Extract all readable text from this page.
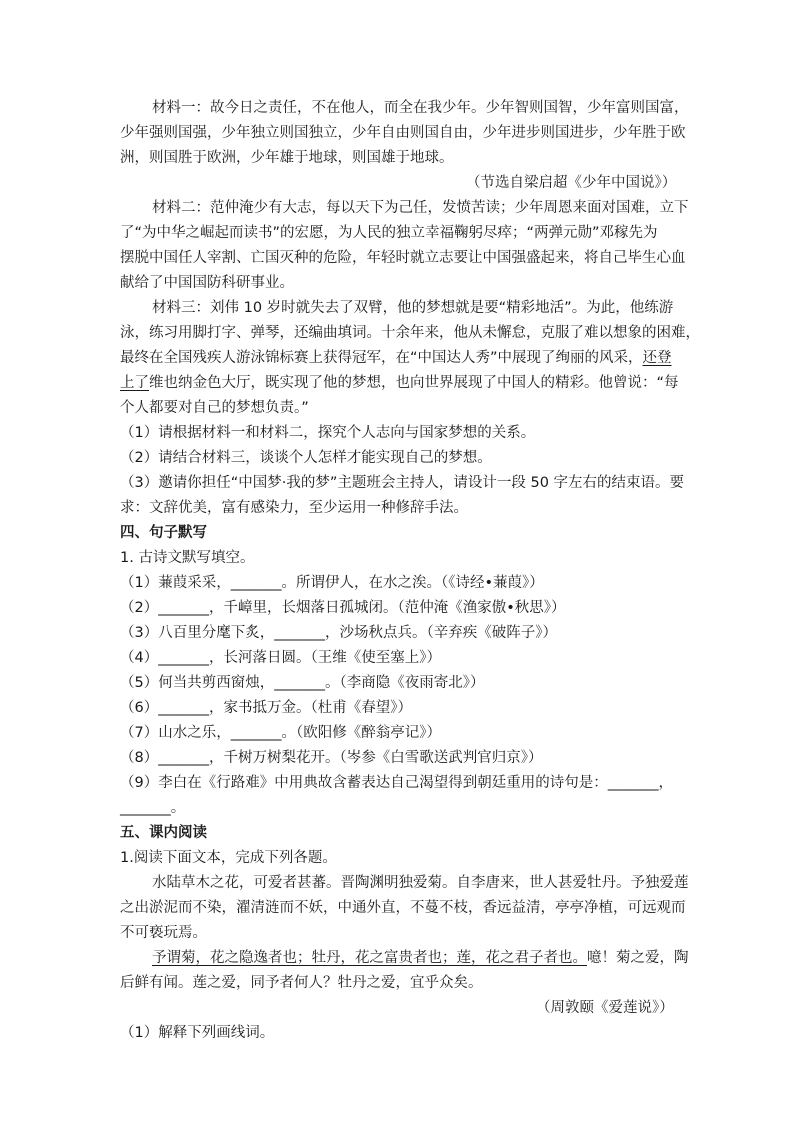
材料一：故今日之责任，不在他人，而全在我少年。少年智则国智，少年富则国富，
少年强则国强，少年独立则国独立，少年自由则国自由，少年进步则国进步，少年胜于欧
洲，则国胜于欧洲，少年雄于地球，则国雄于地球。
（节选自梁启超《少年中国说》）
材料二：范仲淹少有大志，每以天下为己任，发愤苦读；少年周恩来面对国难，立下
了“为中华之崛起而读书”的宏愿，为人民的独立幸福鞠躬尽瘁；“两弹元勋”邓稼先为
摆脱中国任人宰割、亡国灭种的危险，年轻时就立志要让中国强盛起来，将自己毕生心血
献给了中国国防科研事业。
材料三：刘伟 10 岁时就失去了双臂，他的梦想就是要“精彩地活”。为此，他练游
泳，练习用脚打字、弹琴，还编曲填词。十余年来，他从未懈怠，克服了难以想象的困难，
最终在全国残疾人游泳锦标赛上获得冠军，在“中国达人秀”中展现了绚丽的风采，还登
上了维也纳金色大厅，既实现了他的梦想，也向世界展现了中国人的精彩。他曾说：“每
个人都要对自己的梦想负责。”
（1）请根据材料一和材料二，探究个人志向与国家梦想的关系。
（2）请结合材料三，谈谈个人怎样才能实现自己的梦想。
（3）邀请你担任“中国梦·我的梦”主题班会主持人，请设计一段 50 字左右的结束语。要
求：文辞优美，富有感染力，至少运用一种修辞手法。
四、句子默写
1. 古诗文默写填空。
（1）蒹葭采采，_______。所谓伊人，在水之涘。（《诗经•蒹葭》）
（2）_______，千嶂里，长烟落日孤城闭。（范仲淹《渔家傲•秋思》）
（3）八百里分麾下炙，_______，沙场秋点兵。（辛弃疾《破阵子》）
（4）_______，长河落日圆。（王维《使至塞上》）
（5）何当共剪西窗烛，_______。（李商隐《夜雨寄北》）
（6）_______，家书抵万金。（杜甫《春望》）
（7）山水之乐，_______。（欧阳修《醉翁亭记》）
（8）_______，千树万树梨花开。（岑参《白雪歌送武判官归京》）
（9）李白在《行路难》中用典故含蓄表达自己渴望得到朝廷重用的诗句是：_______，
_______。
五、课内阅读
1.阅读下面文本，完成下列各题。
水陆草木之花，可爱者甚蕃。晋陶渊明独爱菊。自李唐来，世人甚爱牡丹。予独爱莲
之出淤泥而不染，濯清涟而不妖，中通外直，不蔓不枝，香远益清，亭亭净植，可远观而
不可亵玩焉。
予谓菊，花之隐逸者也；牡丹，花之富贵者也；莲，花之君子者也。噫！菊之爱，陶
后鲜有闻。莲之爱，同予者何人？牡丹之爱，宜乎众矣。
（周敦颐《爱莲说》）
（1）解释下列画线词。
